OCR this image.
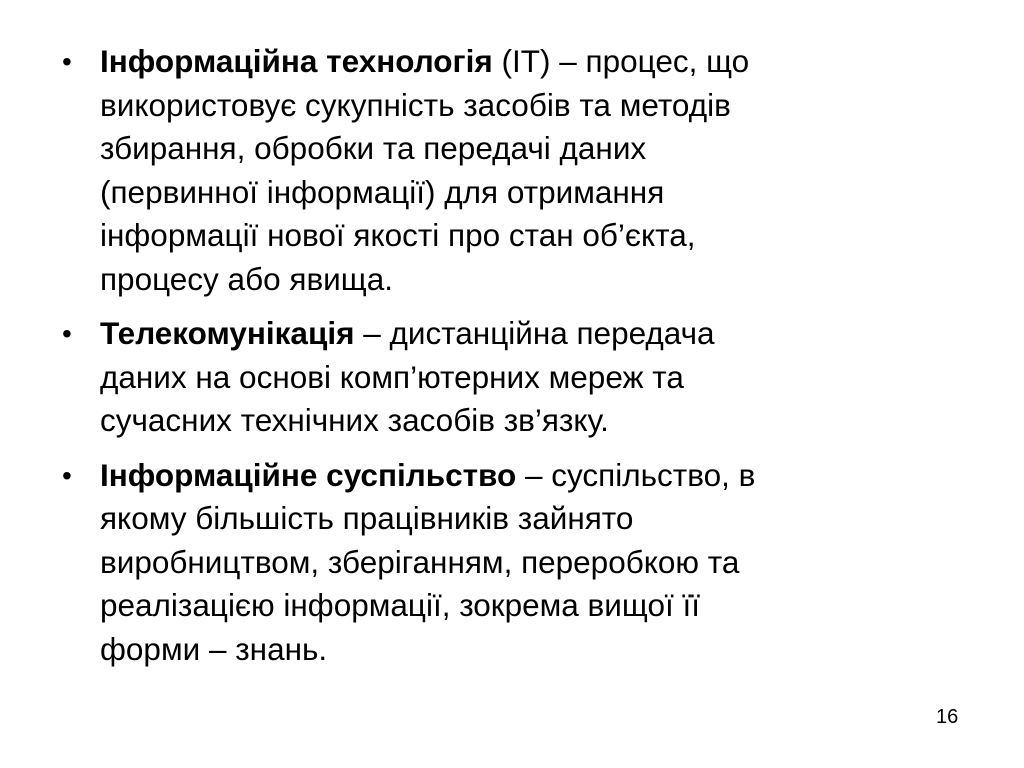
• Інформаційна технологія (ІТ) – процес, що
використовує сукупність засобів та методів
збирання, обробки та передачі даних
(первинної інформації) для отримання
інформації нової якості про стан об’єкта,
процесу або явища.
• Телекомунікація – дистанційна передача
даних на основі комп’ютерних мереж та
сучасних технічних засобів зв’язку.
• Інформаційне суспільство – суспільство, в
якому більшість працівників зайнято
виробництвом, зберіганням, переробкою та
реалізацією інформації, зокрема вищої її
форми – знань.
16
